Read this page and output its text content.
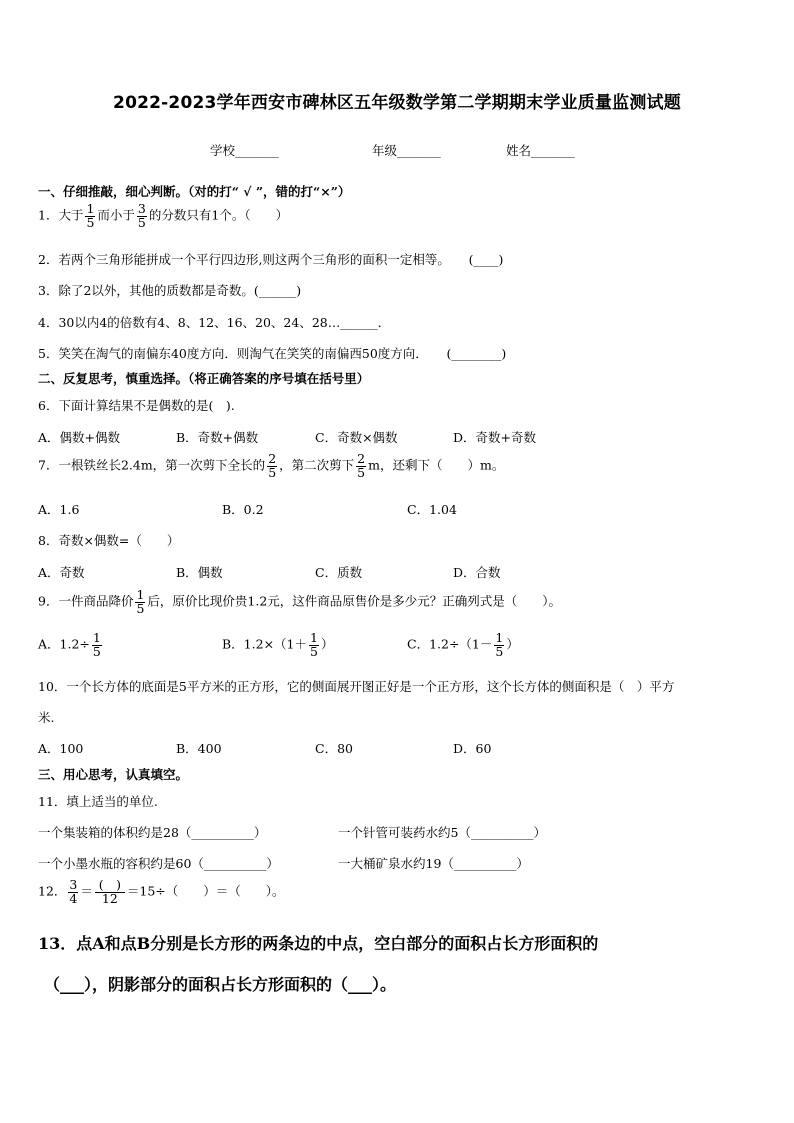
2022-2023学年西安市碑林区五年级数学第二学期期末学业质量监测试题
学校_______	年级_______	姓名_______
一、仔细推敲，细心判断。（对的打“ √ ”，错的打“×”）
1．大于 $\frac{1}{5}$ 而小于 $\frac{3}{5}$ 的分数只有1个。（　　）
2．若两个三角形能拼成一个平行四边形,则这两个三角形的面积一定相等。　　(____)
3．除了2以外，其他的质数都是奇数。(______)
4．30以内4的倍数有4、8、12、16、20、24、28…______．
5．笑笑在淘气的南偏东40度方向．则淘气在笑笑的南偏西50度方向．　　(________)
二、反复思考，慎重选择。（将正确答案的序号填在括号里）
6．下面计算结果不是偶数的是(　).
A．偶数+偶数	B．奇数+偶数	C．奇数×偶数	D．奇数+奇数
7．一根铁丝长2.4m，第一次剪下全长的 $\frac{2}{5}$ ，第二次剪下 $\frac{2}{5}$ m，还剩下（　　）m。
A．1.6	B．0.2	C．1.04
8．奇数×偶数=（　　）
A．奇数	B．偶数	C．质数	D．合数
9．一件商品降价 $\frac{1}{5}$ 后，原价比现价贵1.2元，这件商品原售价是多少元？正确列式是（　　）。
A．$1.2\div \frac{1}{5}$	B．$1.2\times(1+ \frac{1}{5}$ ）	C．$1.2\div(1- \frac{1}{5}$ ）
10．一个长方体的底面是5平方米的正方形，它的侧面展开图正好是一个正方形，这个长方体的侧面积是（　）平方
米.
A．100	B．400	C．80	D．60
三、用心思考，认真填空。
11．填上适当的单位.
一个集装箱的体积约是28（__________）	一个针管可装药水约5（__________）
一个小墨水瓶的容积约是60（__________）	一大桶矿泉水约19（__________）
12． $\frac{3}{4} = \frac{( )}{12} =15\div$（　　）＝（　　）。
13．点A和点B分别是长方形的两条边的中点，空白部分的面积占长方形面积的
（___），阴影部分的面积占长方形面积的（___）。
